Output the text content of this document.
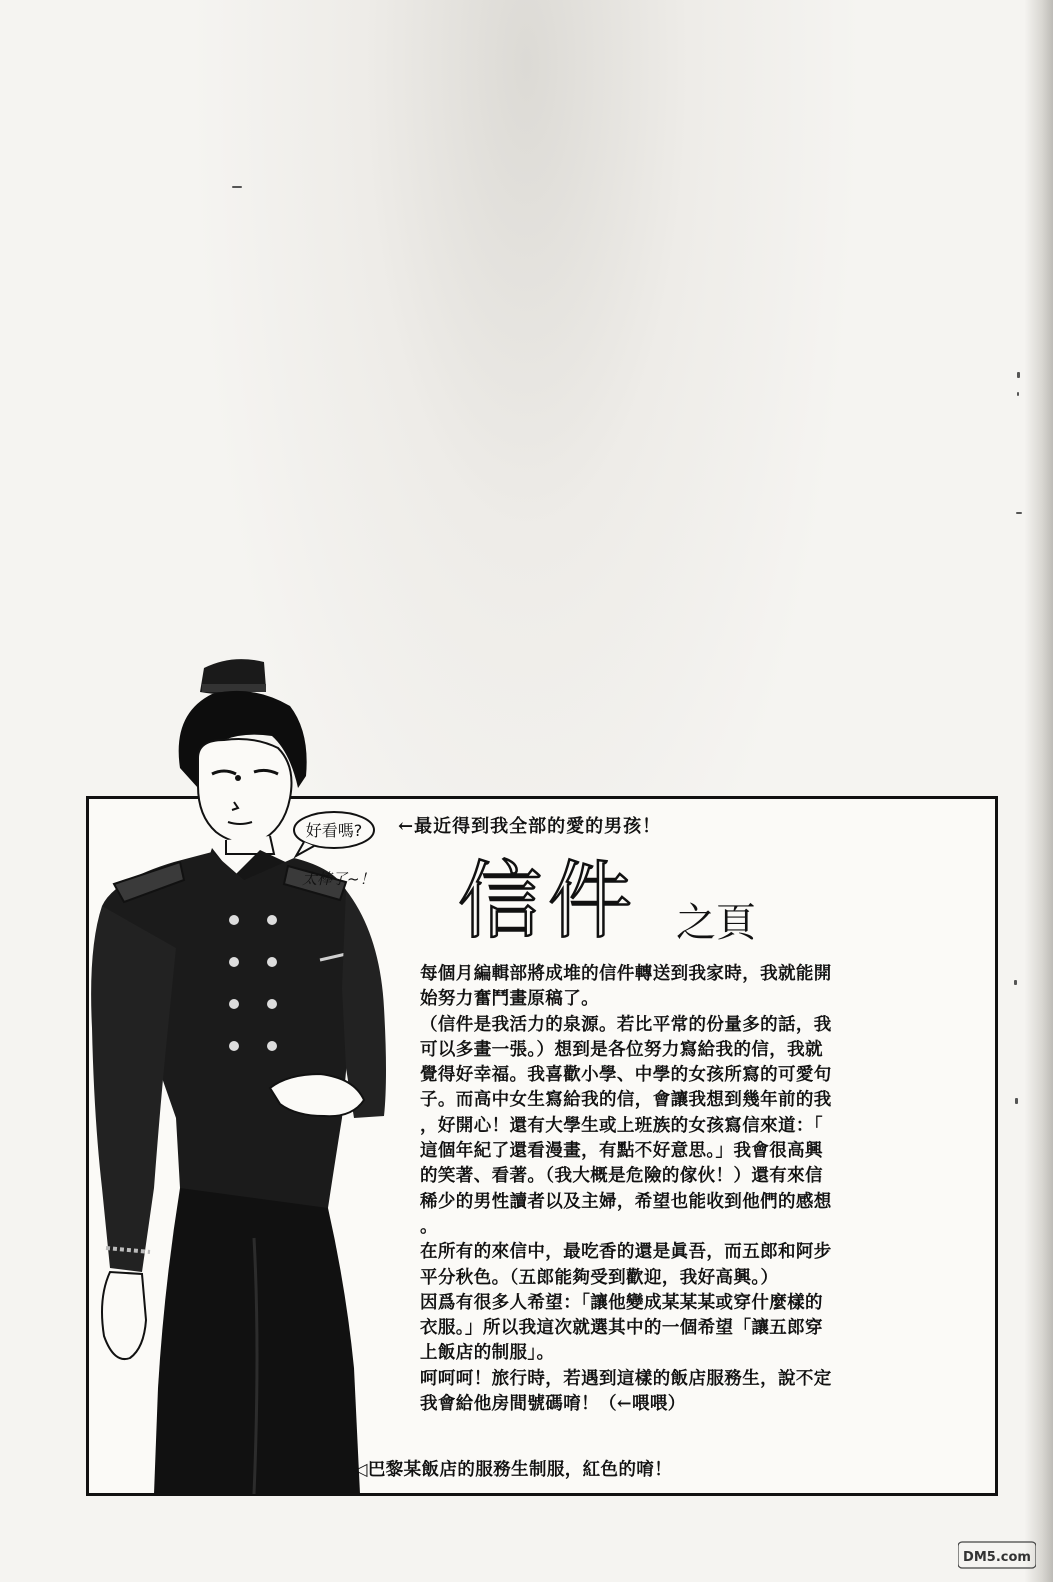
好看嗎? ←最近得到我全部的愛的男孩！
太棒了~！ 信件 之頁
每個月編輯部將成堆的信件轉送到我家時，我就能開
始努力奮鬥畫原稿了。
（信件是我活力的泉源。若比平常的份量多的話，我
可以多畫一張。）想到是各位努力寫給我的信，我就
覺得好幸福。我喜歡小學、中學的女孩所寫的可愛句
子。而高中女生寫給我的信，會讓我想到幾年前的我
，好開心！還有大學生或上班族的女孩寫信來道：「
這個年紀了還看漫畫，有點不好意思。」我會很高興
的笑著、看著。（我大概是危險的傢伙！）還有來信
稀少的男性讀者以及主婦，希望也能收到他們的感想
。
在所有的來信中，最吃香的還是眞吾，而五郎和阿步
平分秋色。（五郎能夠受到歡迎，我好高興。）
因爲有很多人希望：「讓他變成某某某或穿什麼樣的
衣服。」所以我這次就選其中的一個希望「讓五郎穿
上飯店的制服」。
呵呵呵！旅行時，若遇到這樣的飯店服務生，說不定
我會給他房間號碼唷！（←喂喂）
◁巴黎某飯店的服務生制服，紅色的唷！
DM5.com
